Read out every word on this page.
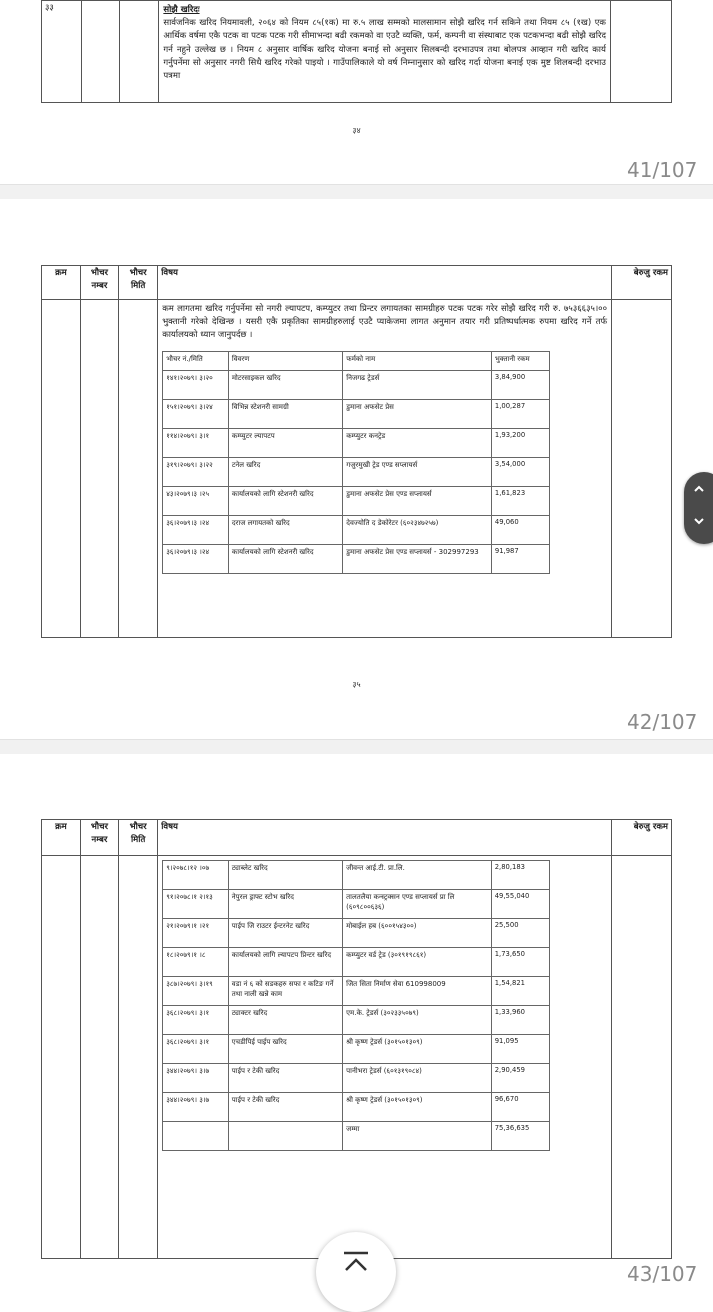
३३			सोझै खरिदः
सार्वजनिक खरिद नियमावली, २०६४ को नियम ८५(१क) मा रु.५ लाख सम्मको मालसामान सोझै खरिद गर्न सकिने तथा नियम ८५ (१ख) एक आर्थिक वर्षमा एकै पटक वा पटक पटक गरी सीमाभन्दा बढी रकमको वा एउटै व्यक्ति, फर्म, कम्पनी वा संस्थाबाट एक पटकभन्दा बढी सोझै खरिद गर्न नहुने उल्लेख छ । नियम ८ अनुसार वार्षिक खरिद योजना बनाई सो अनुसार सिलबन्दी दरभाउपत्र तथा बोलपत्र आव्हान गरी खरिद कार्य गर्नुपर्नेमा सो अनुसार नगरी सिधै खरिद गरेको पाइयो । गाउँपालिकाले यो वर्ष निम्नानुसार को खरिद गर्दा योजना बनाई एक मुष्ट शिलबन्दी दरभाउ पत्रमा

३४
41/107
क्रम	भौचर नम्बर	भौचर मिति	विषय	बेरुजु रकम

कम लागतमा खरिद गर्नुपर्नेमा सो नगरी ल्यापटप, कम्प्युटर तथा प्रिन्टर लगायतका सामग्रीहरु पटक पटक गरेर सोझै खरिद गरी रु. ७५३६६३५।०० भुक्तानी गरेको देखिन्छ । यसरी एकै प्रकृतिका सामग्रीहरुलाई एउटै प्याकेजमा लागत अनुमान तयार गरी प्रतिष्पर्धात्मक रुपमा खरिद गर्ने तर्फ कार्यालयको ध्यान जानुपर्दछ ।
भौचर नं./मिति	विवरण	फर्मको नाम	भुक्तानी रकम
१४१।२०७९। ३।२०	मोटरसाइकल खरिद	निजगढ ट्रेडर्स	3,84,900
१५१।२०७९। ३।२४	विभिन्न स्टेशनरी सामग्री	डुमाना अफसेट प्रेस	1,00,287
११४।२०७९। ३।१	कम्प्युटर ल्यापटप	कम्प्युटर कनट्रेड	1,93,200
३१९।२०७९। ३।२२	टनेल खरिद	गजुरमुखी ट्रेड एण्ड सप्लायर्स	3,54,000
४३।२०७९।३ ।२५	कार्यालयको लागि स्टेशनरी खरिद	डुमाना अफसेट प्रेस एण्ड सप्लायर्स	1,61,823
३६।२०७९।३ ।२४	दराज लगायतको खरिद	देवज्योति द डेकोरेटर (६०२३४७२५७)	49,060
३६।२०७९।३ ।२४	कार्यालयको लागि स्टेशनरी खरिद	डुमाना अफसेट प्रेस एण्ड सप्लायर्स - 302997293	91,987

३५
42/107
क्रम	भौचर नम्बर	भौचर मिति	विषय	बेरुजु रकम

९।२०७८।१२ ।०७	ट्याब्लेट खरिद	जीवन्त आई.टी. प्रा.लि.	2,80,183
९१।२०७८।१ २।१३	नेपुरल ड्राफ्ट स्टोभ खरिद	तालतलैया कन्स्ट्रक्सन एण्ड सप्लायर्स प्रा लि (६०९८००६३६)	49,55,040
२१।२०७९।१ ।२१	पाईप जि राउटर ईन्टरनेट खरिद	मोबाईल हब (६००१५४३००)	25,500
१८।२०७९।१ ।८	कार्यालयको लागि ल्यापटप प्रिन्टर खरिद	कम्प्युटर वर्ड ट्रेड (३०१९१९८६१)	1,73,650
३८७।२०७९। ३।१९	वडा नं ६ को सडकहरु सफा र कटिङ गर्ने तथा नाली खन्ने काम	जित सिता निर्माण सेवा 610998009	1,54,821
३६८।२०७९। ३।१	ट्याक्टर खरिद	एम.के. ट्रेडर्स (३०२३३५०७९)	1,33,960
३६८।२०७९। ३।१	एचडीपिई पाईप खरिद	श्री कृष्ण ट्रेडर्स (३०१५०१३०९)	91,095
३४४।२०७९। ३।७	पाईप र टेकी खरिद	पानीभरा ट्रेडर्स (६०१३१९०८४)	2,90,459
३४४।२०७९। ३।७	पाईप र टेकी खरिद	श्री कृष्ण ट्रेडर्स (३०१५०१३०९)	96,670
		जम्मा	75,36,635

43/107
